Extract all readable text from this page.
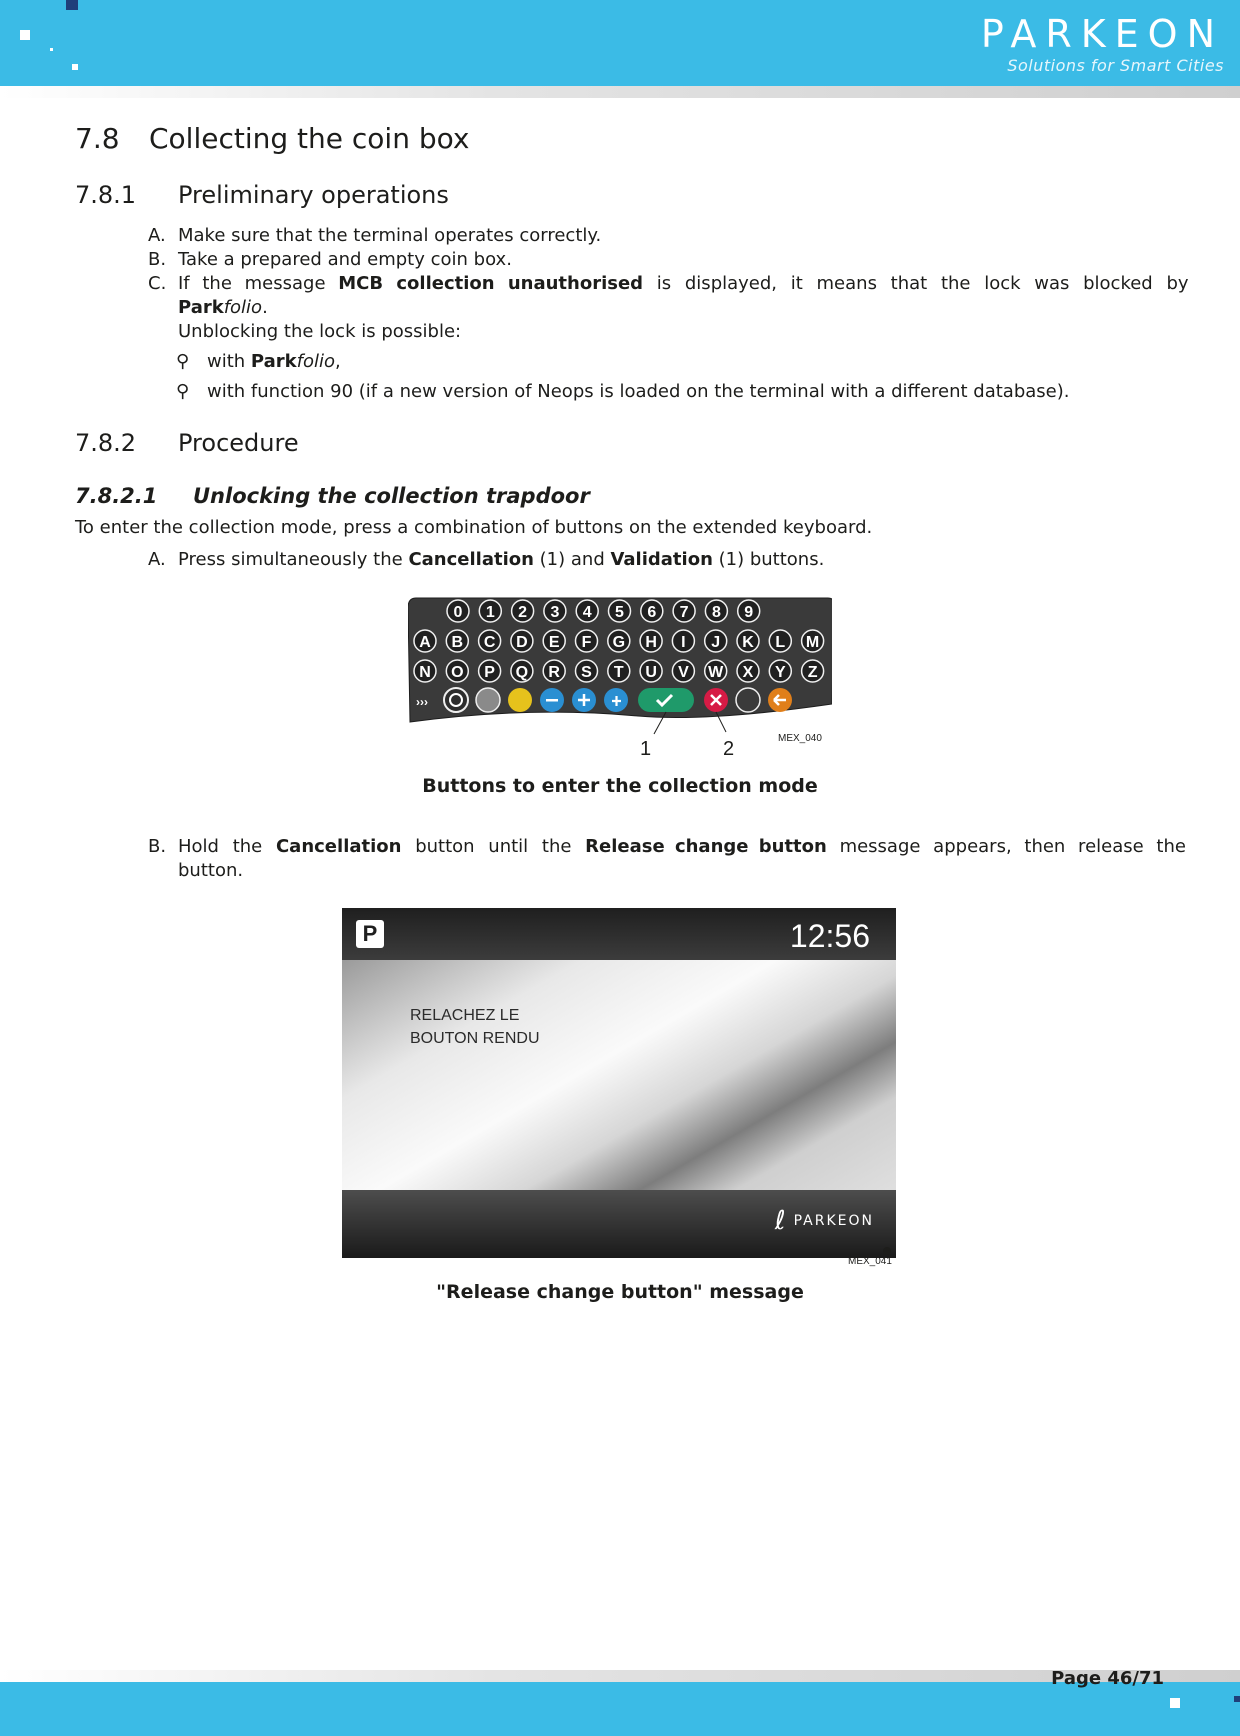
PARKEON
Solutions for Smart Cities
7.8 Collecting the coin box
7.8.1 Preliminary operations
A. Make sure that the terminal operates correctly.
B. Take a prepared and empty coin box.
C. If the message MCB collection unauthorised is displayed, it means that the lock was blocked by
Parkfolio.
Unblocking the lock is possible:
⚲ with Parkfolio,
⚲ with function 90 (if a new version of Neops is loaded on the terminal with a different database).
7.8.2 Procedure
7.8.2.1 Unlocking the collection trapdoor
To enter the collection mode, press a combination of buttons on the extended keyboard.
A. Press simultaneously the Cancellation (1) and Validation (1) buttons.
0 1 2 3 4 5 6 7 8 9
A B C D E F G H I J K L M
N O P Q R S T U V W X Y Z
›››
1	2	MEX_040
Buttons to enter the collection mode
B. Hold the Cancellation button until the Release change button message appears, then release the
button.
P	12:56
RELACHEZ LE
BOUTON RENDU
ℓPARKEON
MEX_041
"Release change button" message
Page 46/71
